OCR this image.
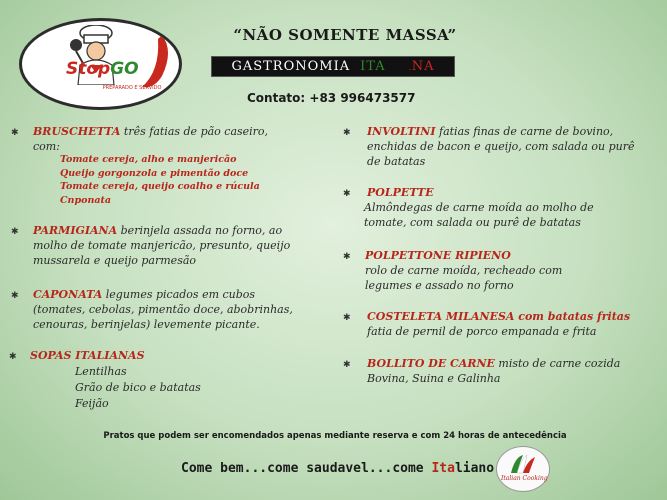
StopGO
PREPARADO E SERVIDO
“NÃO SOMENTE MASSA”
GASTRONOMIA ITALIANA
Contato: +83 996473577
✱ BRUSCHETTA três fatias de pão caseiro,
com:
Tomate cereja, alho e manjericão
Queijo gorgonzola e pimentão doce
Tomate cereja, queijo coalho e rúcula
Cnponata
✱ PARMIGIANA berinjela assada no forno, ao
molho de tomate manjericão, presunto, queijo
mussarela e queijo parmesão
✱ CAPONATA legumes picados em cubos
(tomates, cebolas, pimentão doce, abobrinhas,
cenouras, berinjelas) levemente picante.
✱ SOPAS ITALIANAS
Lentilhas
Grão de bico e batatas
Feijão
✱ INVOLTINI fatias finas de carne de bovino,
enchidas de bacon e queijo, com salada ou purê
de batatas
✱ POLPETTE
Almôndegas de carne moída ao molho de
tomate, com salada ou purê de batatas
✱ POLPETTONE RIPIENO
rolo de carne moída, recheado com
legumes e assado no forno
✱ COSTELETA MILANESA com batatas fritas
fatia de pernil de porco empanada e frita
✱ BOLLITO DE CARNE misto de carne cozida
Bovina, Suina e Galinha
Pratos que podem ser encomendados apenas mediante reserva e com 24 horas de antecedência
Come bem...come saudavel...come Italiano
Italian Cooking
